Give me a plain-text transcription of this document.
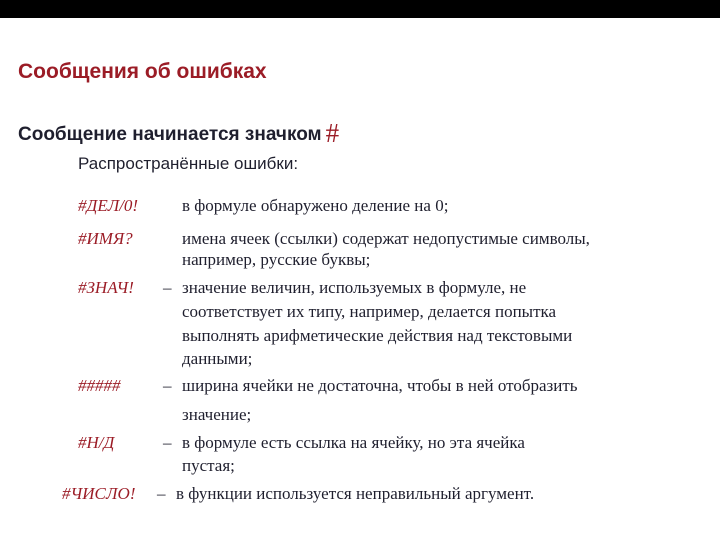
Сообщения об ошибках
Сообщение начинается значком #
Распространённые ошибки:
#ДЕЛ/0!	в формуле обнаружено деление на 0;
#ИМЯ?	имена ячеек (ссылки) содержат недопустимые символы,
например, русские буквы;
#ЗНАЧ! – значение величин, используемых в формуле, не
соответствует их типу, например, делается попытка
выполнять арифметические действия над текстовыми
данными;
#####	– ширина ячейки не достаточна, чтобы в ней отобразить
значение;
#Н/Д	– в формуле есть ссылка на ячейку, но эта ячейка
пустая;
#ЧИСЛО! – в функции используется неправильный аргумент.
